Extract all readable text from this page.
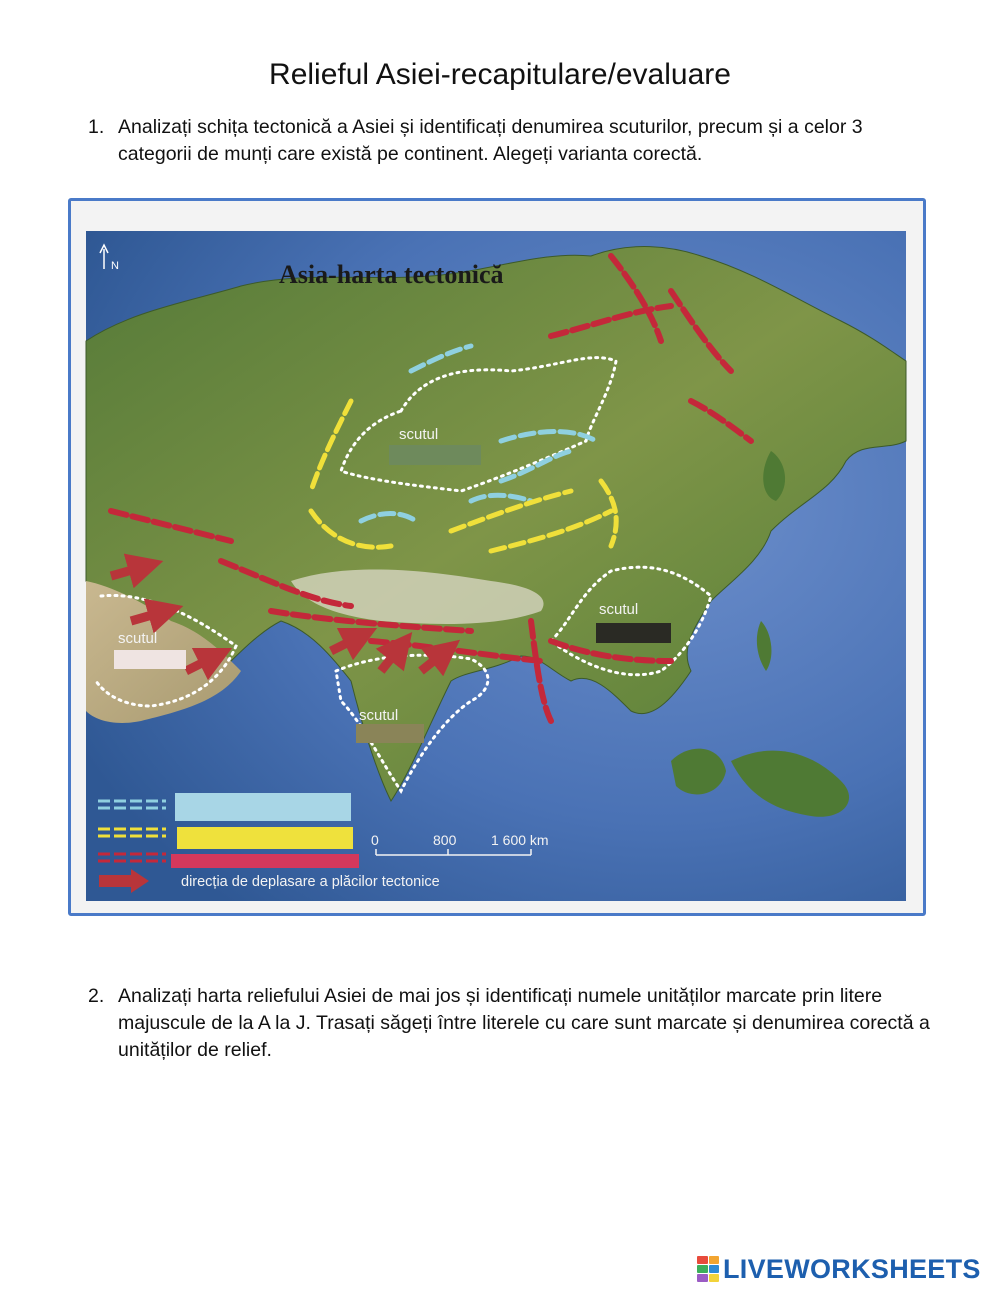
Relieful Asiei-recapitulare/evaluare
1. Analizați schița tectonică a Asiei și identificați denumirea scuturilor, precum și a celor 3 categorii de munți care există pe continent. Alegeți varianta corectă.
Asia-harta tectonică
N
scutul
scutul
scutul
scutul
direcția de deplasare a plăcilor tectonice
0	800 1 600 km
2. Analizați harta reliefului Asiei de mai jos și identificați numele unităților marcate prin litere majuscule de la A la J. Trasați săgeți între literele cu care sunt marcate și denumirea corectă a unităților de relief.
LIVEWORKSHEETS
